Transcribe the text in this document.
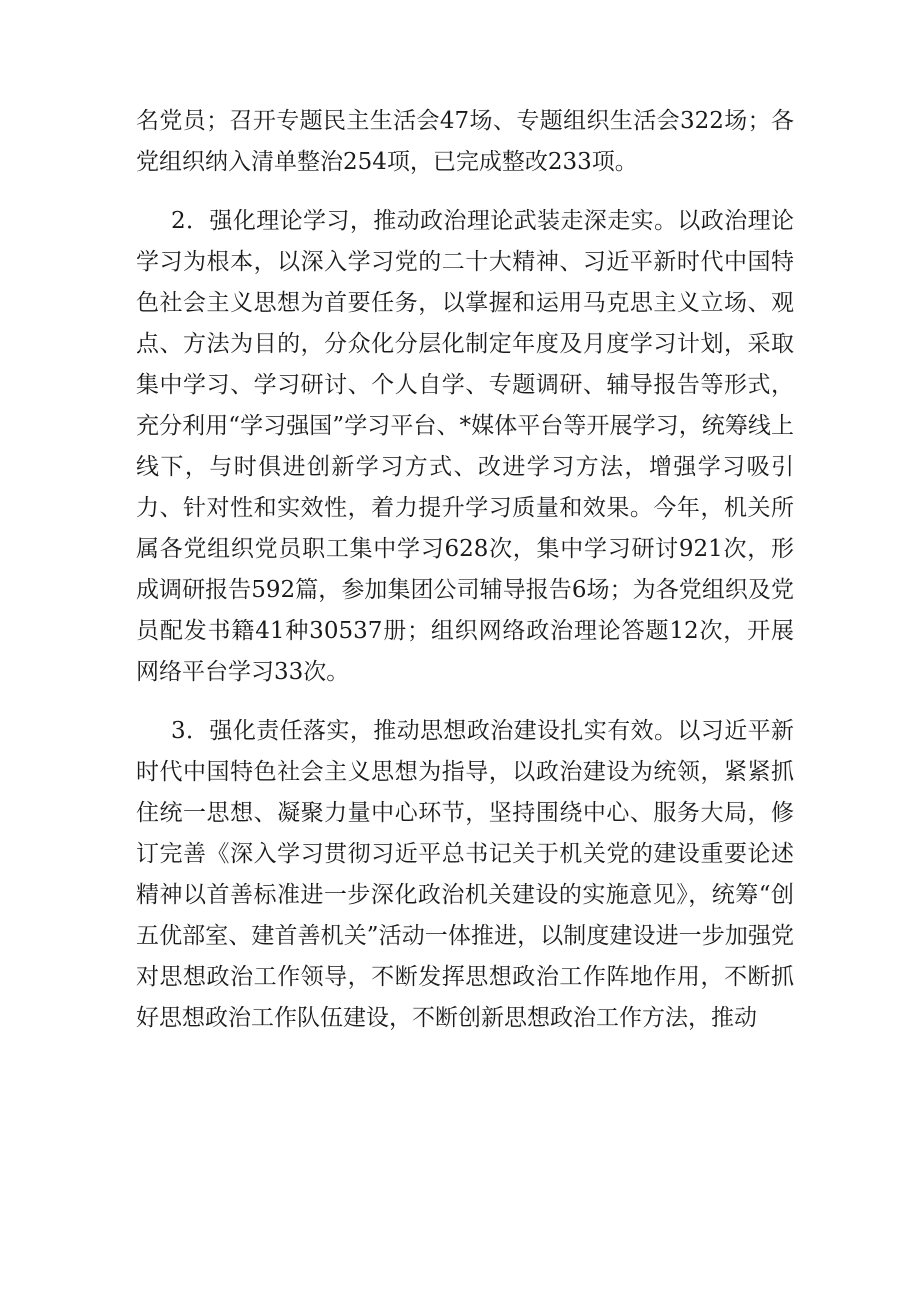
名党员；召开专题民主生活会47场、专题组织生活会322场；各党组织纳入清单整治254项，已完成整改233项。

2．强化理论学习，推动政治理论武装走深走实。以政治理论学习为根本，以深入学习党的二十大精神、习近平新时代中国特色社会主义思想为首要任务，以掌握和运用马克思主义立场、观点、方法为目的，分众化分层化制定年度及月度学习计划，采取集中学习、学习研讨、个人自学、专题调研、辅导报告等形式，充分利用“学习强国”学习平台、*媒体平台等开展学习，统筹线上线下，与时俱进创新学习方式、改进学习方法，增强学习吸引力、针对性和实效性，着力提升学习质量和效果。今年，机关所属各党组织党员职工集中学习628次，集中学习研讨921次，形成调研报告592篇，参加集团公司辅导报告6场；为各党组织及党员配发书籍41种30537册；组织网络政治理论答题12次，开展网络平台学习33次。

3．强化责任落实，推动思想政治建设扎实有效。以习近平新时代中国特色社会主义思想为指导，以政治建设为统领，紧紧抓住统一思想、凝聚力量中心环节，坚持围绕中心、服务大局，修订完善《深入学习贯彻习近平总书记关于机关党的建设重要论述精神以首善标准进一步深化政治机关建设的实施意见》，统筹“创五优部室、建首善机关”活动一体推进，以制度建设进一步加强党对思想政治工作领导，不断发挥思想政治工作阵地作用，不断抓好思想政治工作队伍建设，不断创新思想政治工作方法，推动
